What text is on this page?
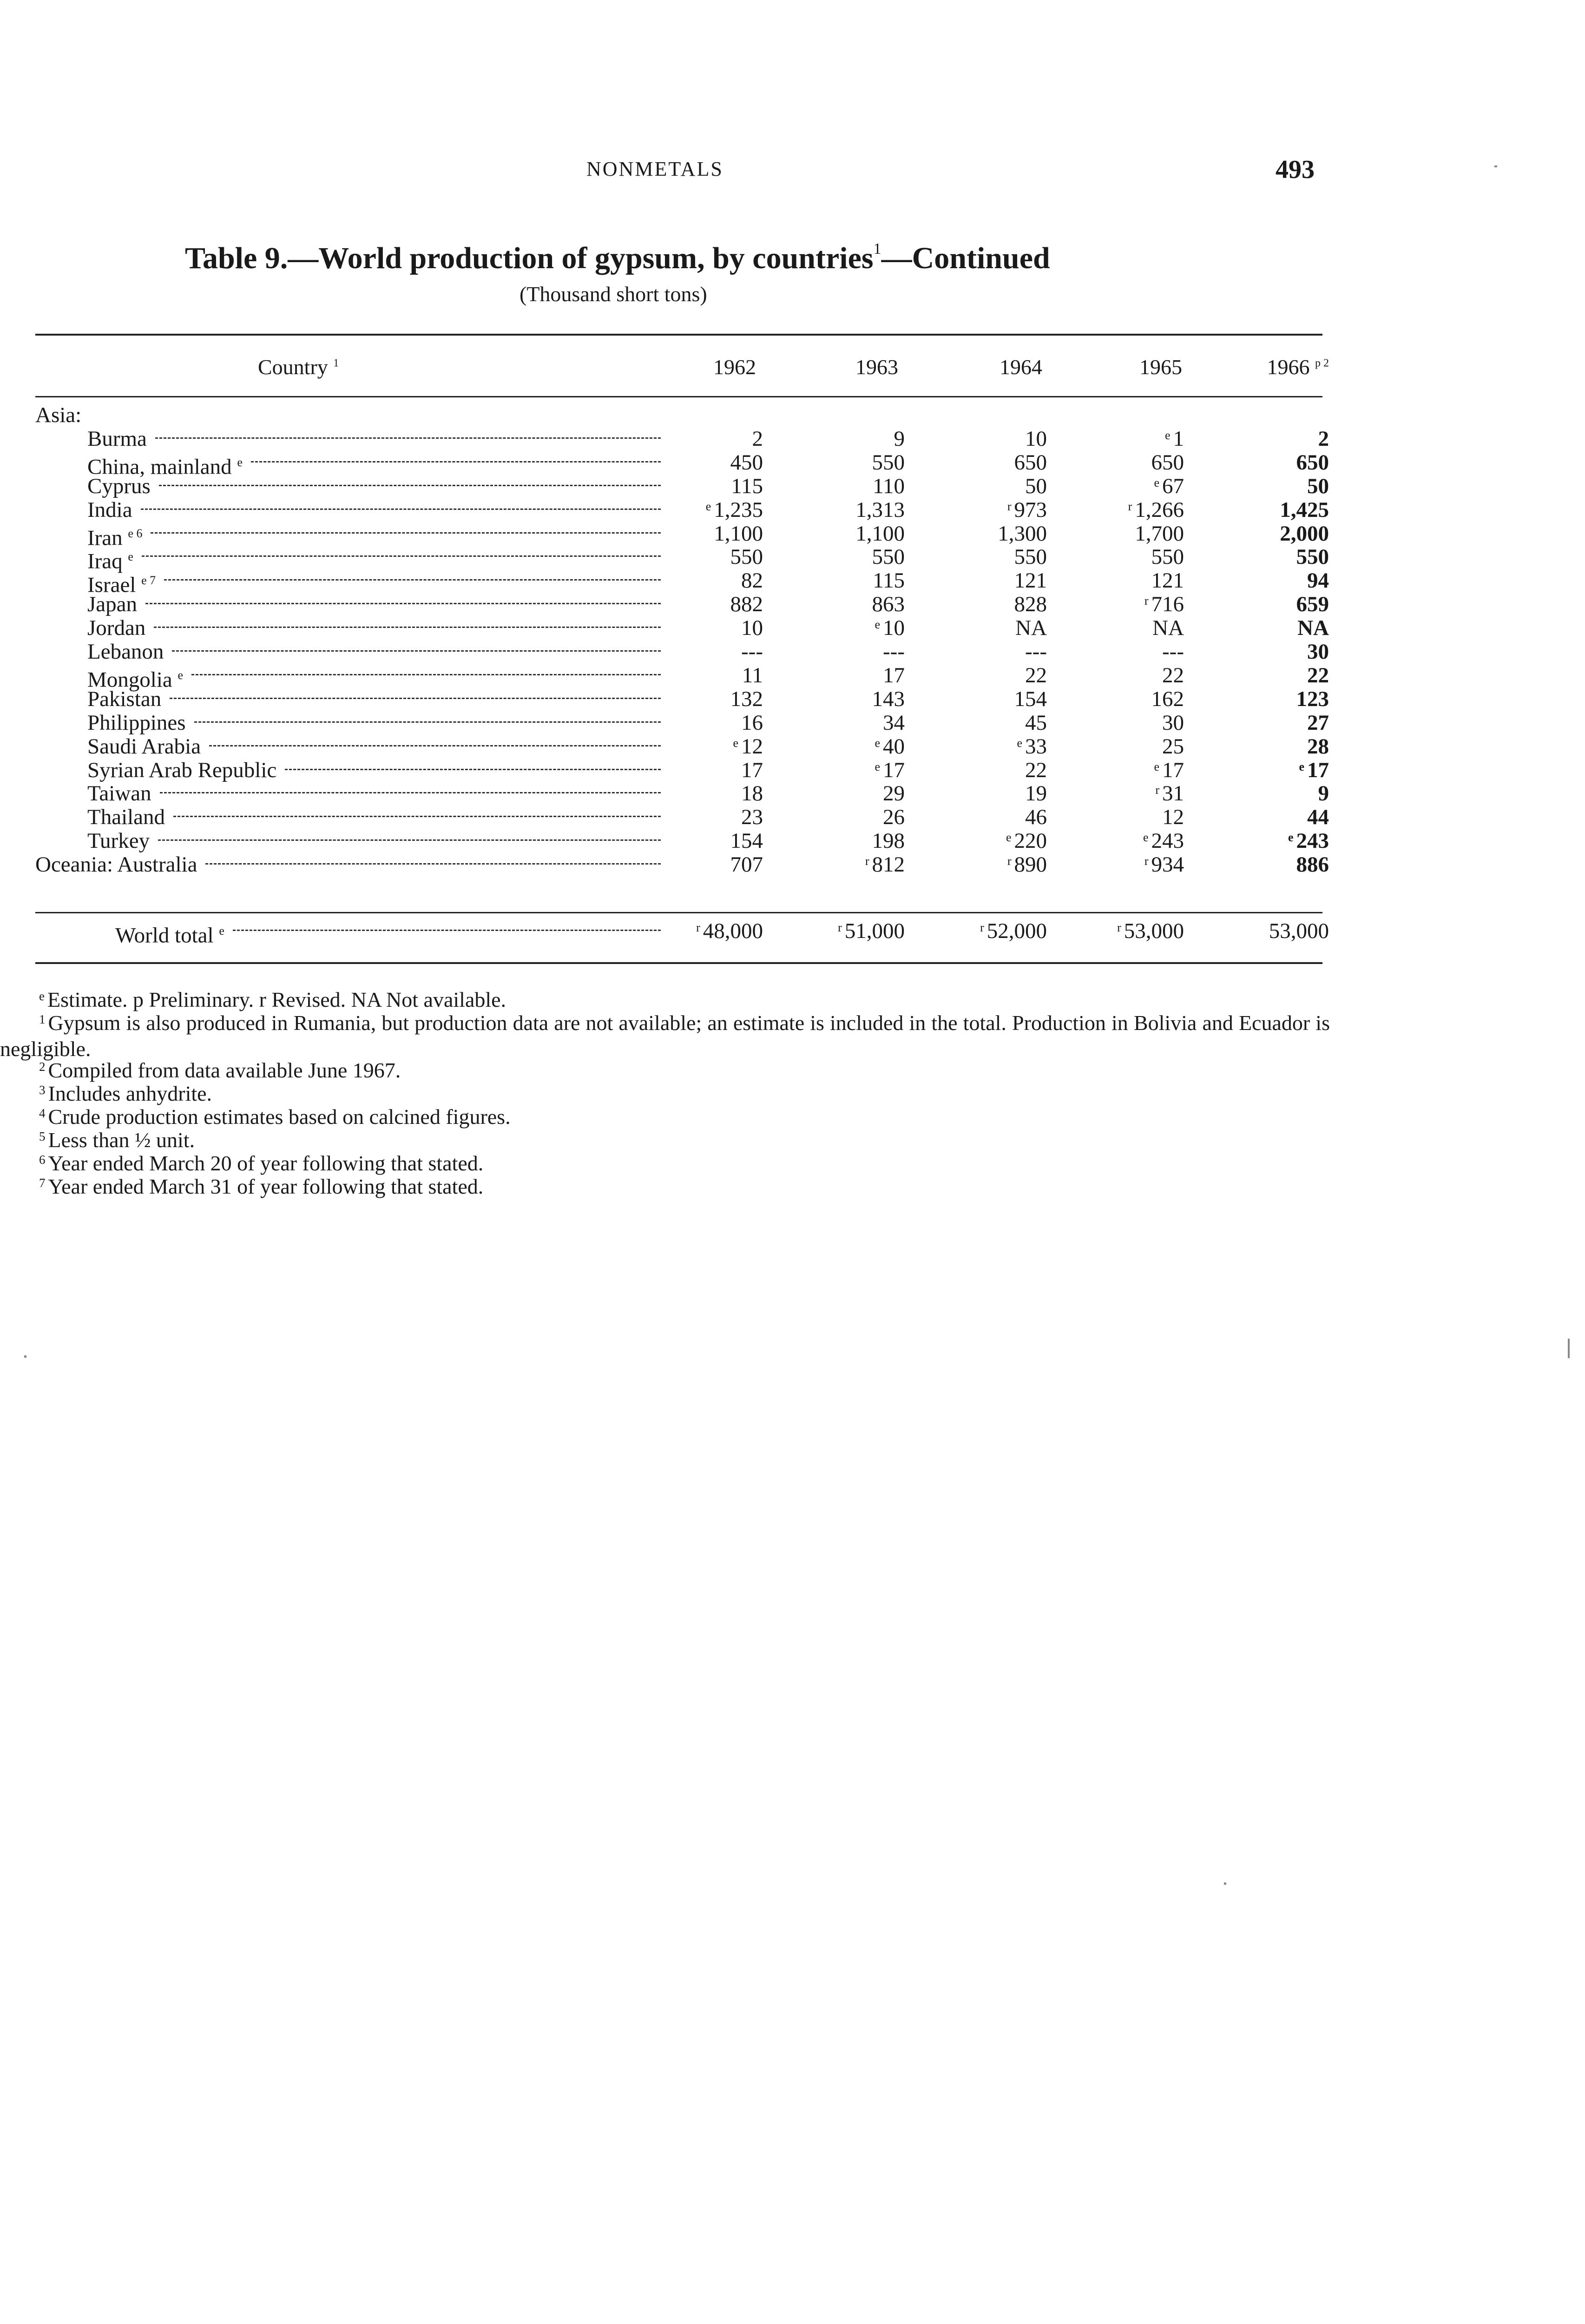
NONMETALS	493
Table 9.—World production of gypsum, by countries$^1$—Continued
(Thousand short tons)
Country $^1$	1962	1963	1964	1965	1966 $^{p 2}$
Asia:
Burma	2	9	10	$^e$ 1	2
China, mainland $^e$	450	550	650	650	650
Cyprus	115	110	50	$^e$ 67	50
India	$^e$ 1,235	1,313	$^r$ 973	$^r$ 1,266	1,425
Iran $^{e 6}$	1,100	1,100	1,300	1,700	2,000
Iraq $^e$	550	550	550	550	550
Israel $^{e 7}$	82	115	121	121	94
Japan	882	863	828	$^r$ 716	659
Jordan	10	$^e$ 10	NA	NA	NA
Lebanon	---	---	---	---	30
Mongolia $^e$	11	17	22	22	22
Pakistan	132	143	154	162	123
Philippines	16	34	45	30	27
Saudi Arabia	$^e$ 12	$^e$ 40	$^e$ 33	25	28
Syrian Arab Republic	17	$^e$ 17	22	$^e$ 17	$^e$ 17
Taiwan	18	29	19	$^r$ 31	9
Thailand	23	26	46	12	44
Turkey	154	198	$^e$ 220	$^e$ 243	$^e$ 243
Oceania: Australia	707	$^r$ 812	$^r$ 890	$^r$ 934	886
World total $^e$	$^r$ 48,000	$^r$ 51,000	$^r$ 52,000	$^r$ 53,000	53,000
$^e$ Estimate. p Preliminary. r Revised. NA Not available.
$^1$ Gypsum is also produced in Rumania, but production data are not available; an estimate is included in the total. Production in Bolivia and Ecuador is negligible.
$^2$ Compiled from data available June 1967.
$^3$ Includes anhydrite.
$^4$ Crude production estimates based on calcined figures.
$^5$ Less than ½ unit.
$^6$ Year ended March 20 of year following that stated.
$^7$ Year ended March 31 of year following that stated.
